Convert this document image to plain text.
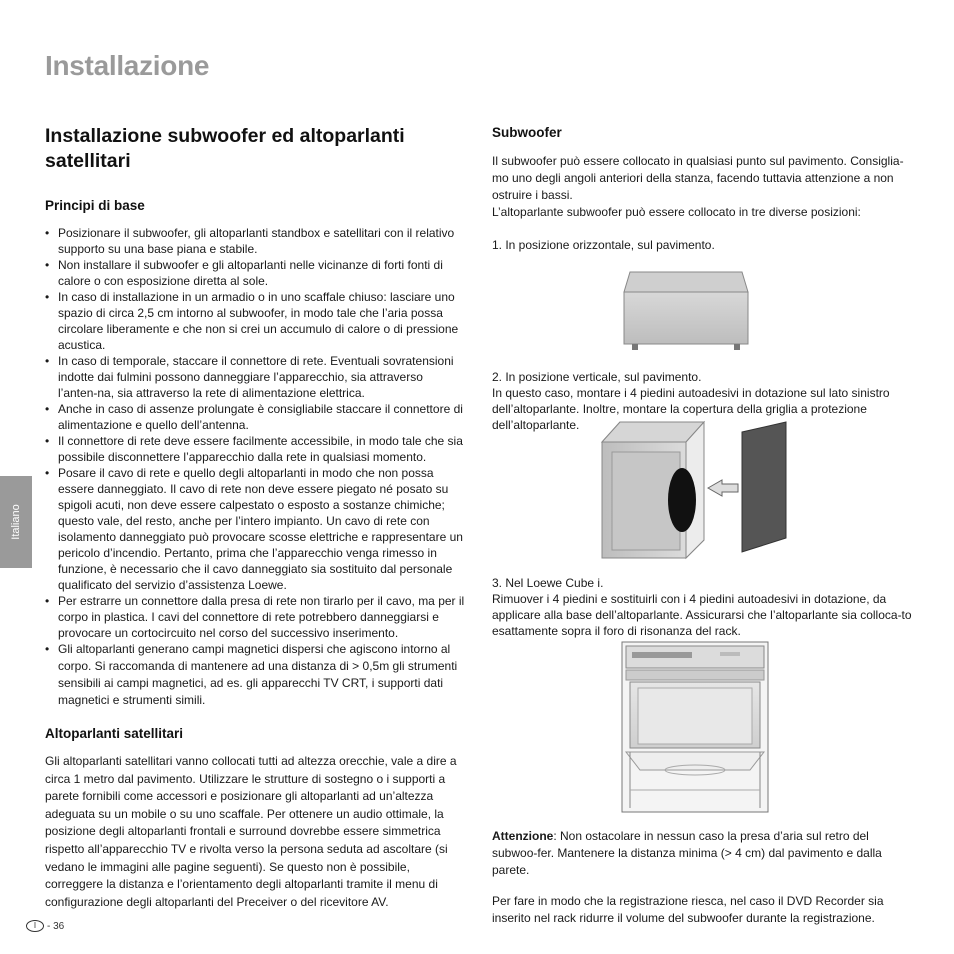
Installazione
Italiano
Installazione subwoofer ed altoparlanti satellitari
Principi di base
• Posizionare il subwoofer, gli altoparlanti standbox e satellitari con il relativo supporto su una base piana e stabile.
• Non installare il subwoofer e gli altoparlanti nelle vicinanze di forti fonti di calore o con esposizione diretta al sole.
• In caso di installazione in un armadio o in uno scaffale chiuso: lasciare uno spazio di circa 2,5 cm intorno al subwoofer, in modo tale che l’aria possa circolare liberamente e che non si crei un accumulo di calore o di pressione acustica.
• In caso di temporale, staccare il connettore di rete. Eventuali sovratensioni indotte dai fulmini possono danneggiare l’apparecchio, sia attraverso l’anten-na, sia attraverso la rete di alimentazione elettrica.
• Anche in caso di assenze prolungate è consigliabile staccare il connettore di alimentazione e quello dell’antenna.
• Il connettore di rete deve essere facilmente accessibile, in modo tale che sia possibile disconnettere l’apparecchio dalla rete in qualsiasi momento.
• Posare il cavo di rete e quello degli altoparlanti in modo che non possa essere danneggiato. Il cavo di rete non deve essere piegato né posato su spigoli acuti, non deve essere calpestato o esposto a sostanze chimiche; questo vale, del resto, anche per l’intero impianto. Un cavo di rete con isolamento danneggiato può provocare scosse elettriche e rappresentare un pericolo d’incendio. Pertanto, prima che l’apparecchio venga rimesso in funzione, è necessario che il cavo danneggiato sia sostituito dal personale qualificato del servizio d’assistenza Loewe.
• Per estrarre un connettore dalla presa di rete non tirarlo per il cavo, ma per il corpo in plastica. I cavi del connettore di rete potrebbero danneggiarsi e provocare un cortocircuito nel corso del successivo inserimento.
• Gli altoparlanti generano campi magnetici dispersi che agiscono intorno al corpo. Si raccomanda di mantenere ad una distanza di > 0,5m gli strumenti sensibili ai campi magnetici, ad es. gli apparecchi TV CRT, i supporti dati magnetici e strumenti simili.
Altoparlanti satellitari

Gli altoparlanti satellitari vanno collocati tutti ad altezza orecchie, vale a dire a circa 1 metro dal pavimento. Utilizzare le strutture di sostegno o i supporti a parete fornibili come accessori e posizionare gli altoparlanti ad un’altezza adeguata su un mobile o su uno scaffale. Per ottenere un audio ottimale, la posizione degli altoparlanti frontali e surround dovrebbe essere simmetrica rispetto all’apparecchio TV e rivolta verso la persona seduta ad ascoltare (si vedano le immagini alle pagine seguenti). Se questo non è possibile, correggere la distanza e l’orientamento degli altoparlanti tramite il menu di configurazione degli altoparlanti del Preceiver o del ricevitore AV.

Subwoofer

Il subwoofer può essere collocato in qualsiasi punto sul pavimento. Consiglia-mo uno degli angoli anteriori della stanza, facendo tuttavia attenzione a non ostruire i bassi.

L’altoparlante subwoofer può essere collocato in tre diverse posizioni:

1. In posizione orizzontale, sul pavimento.

2. In posizione verticale, sul pavimento.

In questo caso, montare i 4 piedini autoadesivi in dotazione sul lato sinistro dell’altoparlante. Inoltre, montare la copertura della griglia a protezione dell’altoparlante.

3. Nel Loewe Cube i.

Rimuover i 4 piedini e sostituirli con i 4 piedini autoadesivi in dotazione, da applicare alla base dell’altoparlante. Assicurarsi che l’altoparlante sia colloca-to esattamente sopra il foro di risonanza del rack.

Attenzione: Non ostacolare in nessun caso la presa d’aria sul retro del subwoo-fer. Mantenere la distanza minima (> 4 cm) dal pavimento e dalla parete.

Per fare in modo che la registrazione riesca, nel caso il DVD Recorder sia inserito nel rack ridurre il volume del subwoofer durante la registrazione.

I	- 36
